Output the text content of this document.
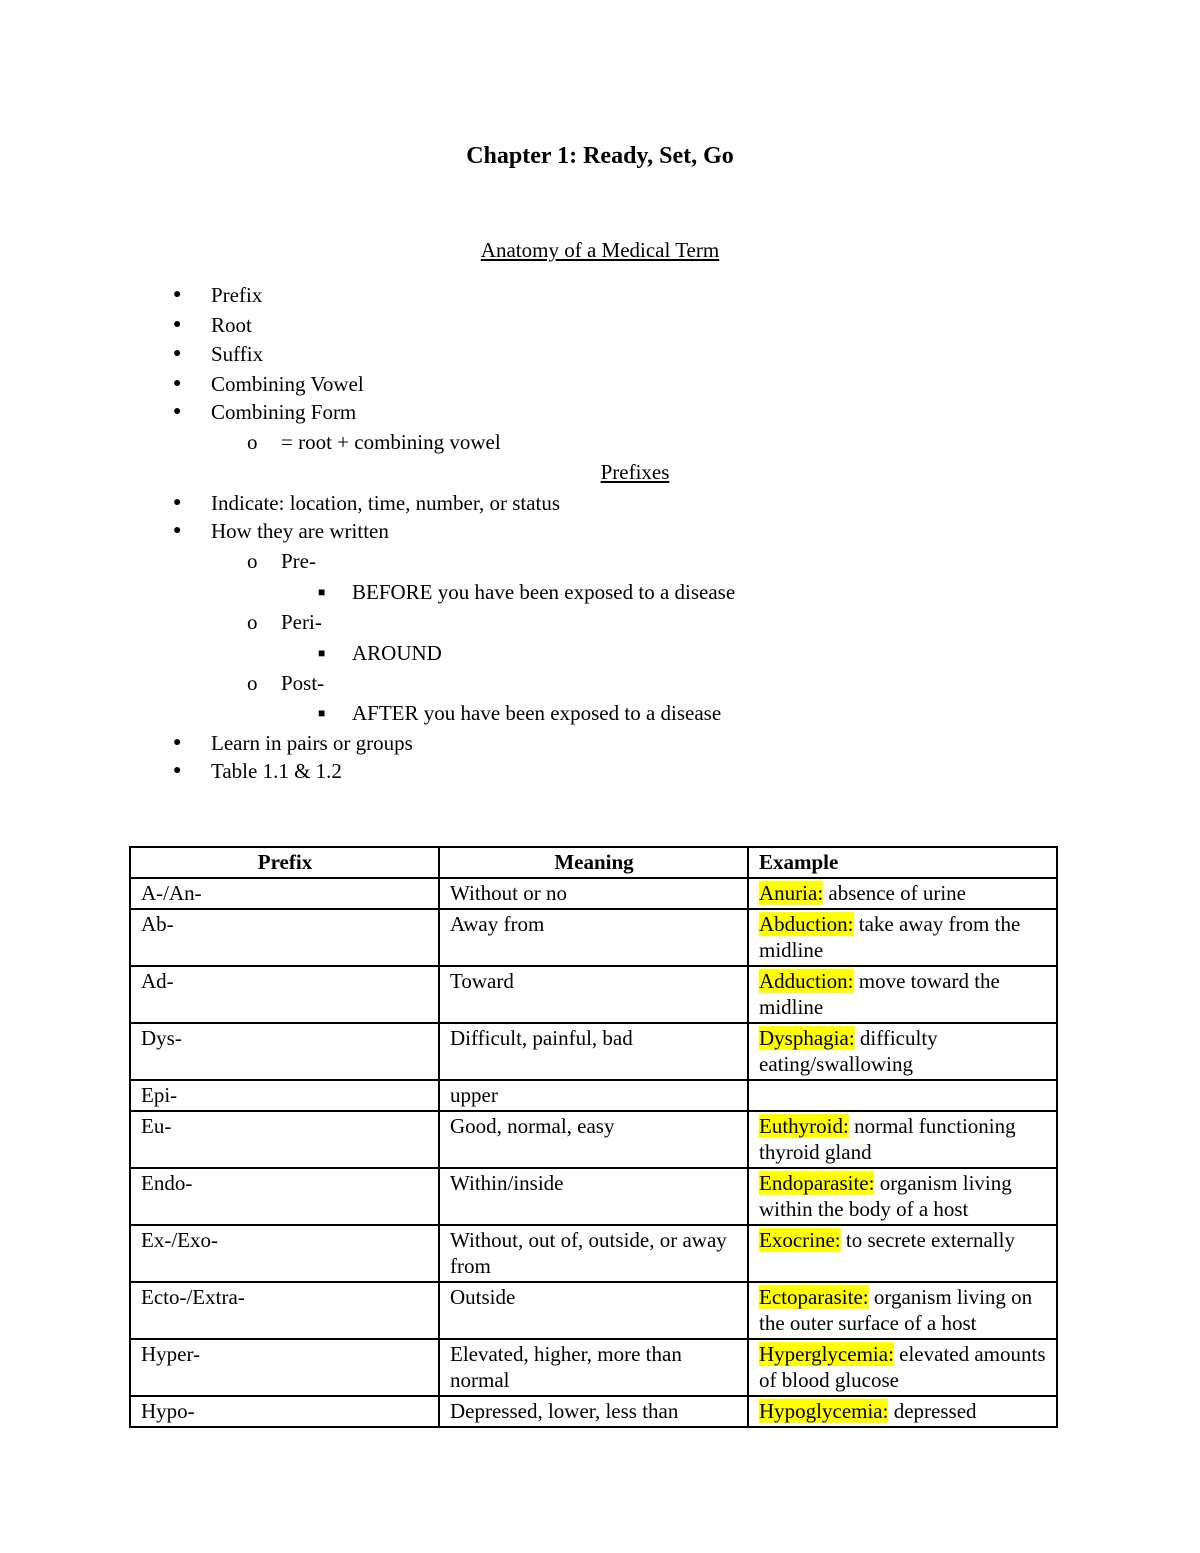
Chapter 1: Ready, Set, Go
Anatomy of a Medical Term
● Prefix
● Root
● Suffix
● Combining Vowel
● Combining Form
o = root + combining vowel
Prefixes
● Indicate: location, time, number, or status
● How they are written
o Pre-
■ BEFORE you have been exposed to a disease
o Peri-
■ AROUND
o Post-
■ AFTER you have been exposed to a disease
● Learn in pairs or groups
● Table 1.1 & 1.2
Prefix	Meaning	Example
A-/An-	Without or no	Anuria: absence of urine
Ab-	Away from	Abduction: take away from the midline
Ad-	Toward	Adduction: move toward the midline
Dys-	Difficult, painful, bad	Dysphagia: difficulty eating/swallowing
Epi-	upper	
Eu-	Good, normal, easy	Euthyroid: normal functioning thyroid gland
Endo-	Within/inside	Endoparasite: organism living within the body of a host
Ex-/Exo-	Without, out of, outside, or away from	Exocrine: to secrete externally
Ecto-/Extra-	Outside	Ectoparasite: organism living on the outer surface of a host
Hyper-	Elevated, higher, more than normal	Hyperglycemia: elevated amounts of blood glucose
Hypo-	Depressed, lower, less than	Hypoglycemia: depressed
